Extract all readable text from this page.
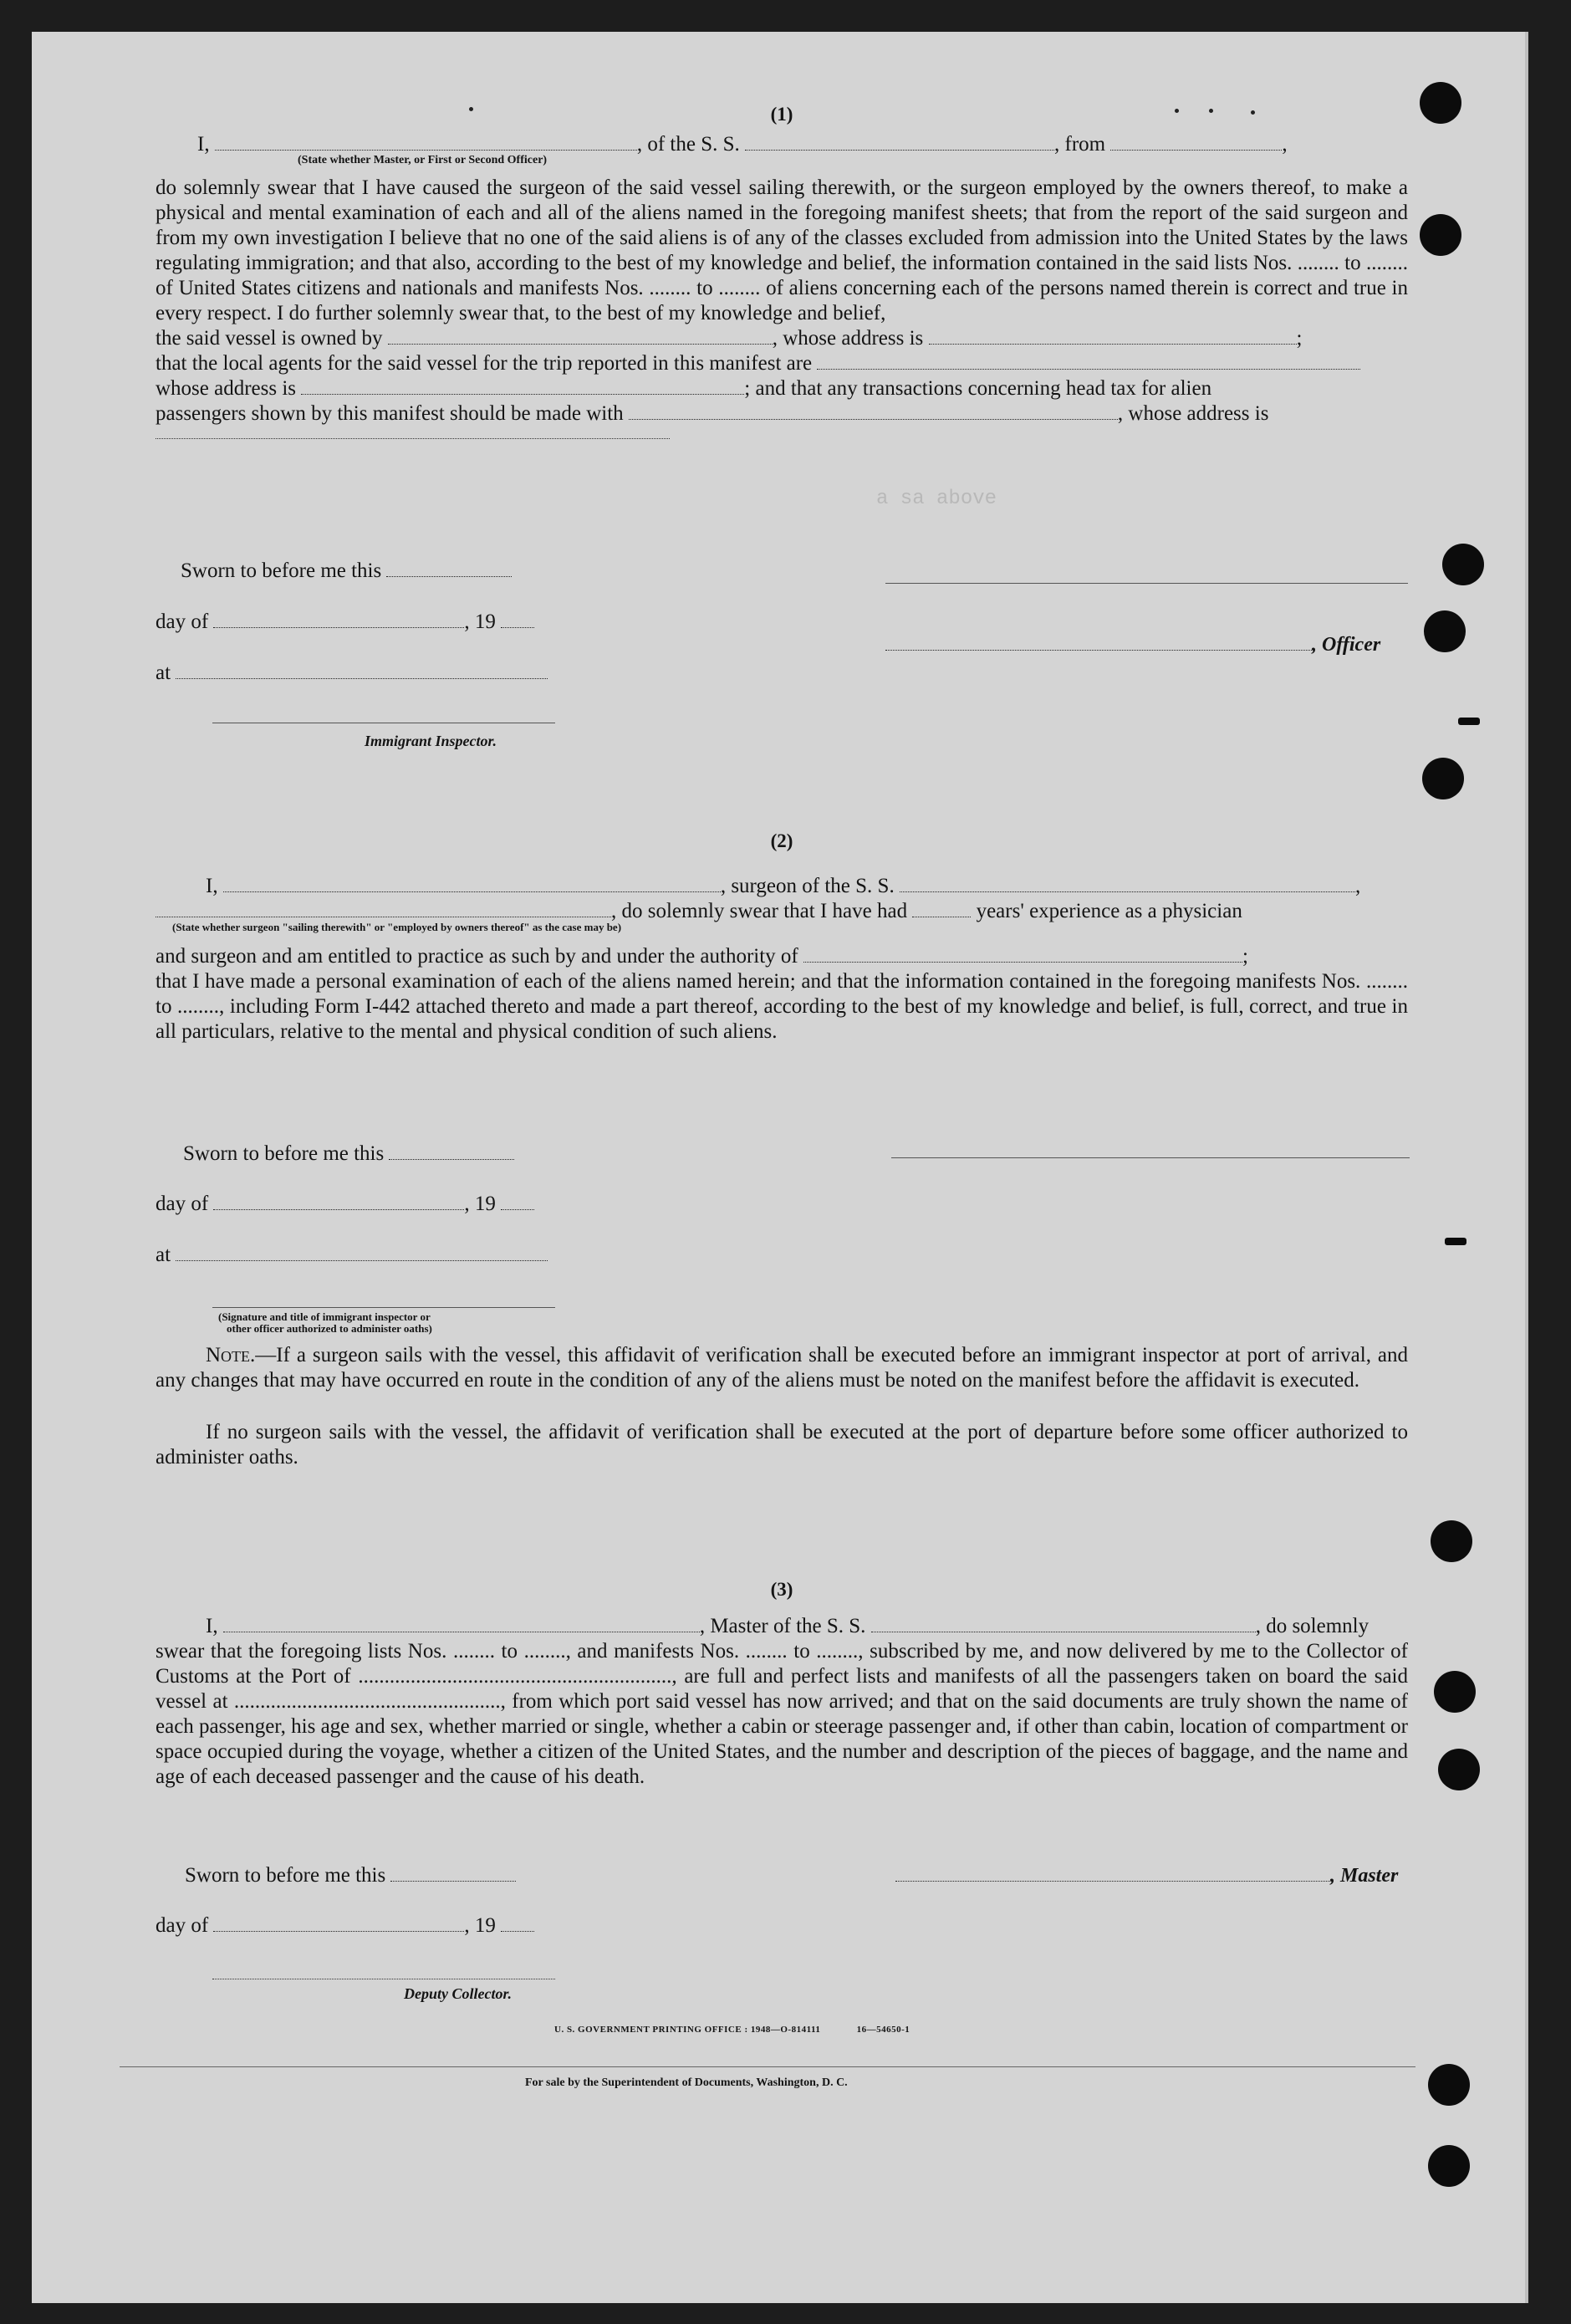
a sa above
(1)
I,	, of the S. S.	, from	,
(State whether Master, or First or Second Officer)
do solemnly swear that I have caused the surgeon of the said vessel sailing therewith, or the surgeon employed by the owners thereof, to make a physical and mental examination of each and all of the aliens named in the foregoing manifest sheets; that from the report of the said surgeon and from my own investigation I believe that no one of the said aliens is of any of the classes excluded from admission into the United States by the laws regulating immigration; and that also, according to the best of my knowledge and belief, the information contained in the said lists Nos. ........ to ........ of United States citizens and nationals and manifests Nos. ........ to ........ of aliens concerning each of the persons named therein is correct and true in every respect. I do further solemnly swear that, to the best of my knowledge and belief,
the said vessel is owned by	, whose address is	;
that the local agents for the said vessel for the trip reported in this manifest are
whose address is	; and that any transactions concerning head tax for alien
passengers shown by this manifest should be made with	, whose address is
Sworn to before me this
day of	, 19
, Officer
at
Immigrant Inspector.
(2)
I,	, surgeon of the S. S.	,
, do solemnly swear that I have had	years' experience as a physician
(State whether surgeon "sailing therewith" or "employed by owners thereof" as the case may be)
and surgeon and am entitled to practice as such by and under the authority of	;
that I have made a personal examination of each of the aliens named herein; and that the information contained in the foregoing manifests Nos. ........ to ........, including Form I-442 attached thereto and made a part thereof, according to the best of my knowledge and belief, is full, correct, and true in all particulars, relative to the mental and physical condition of such aliens.
Sworn to before me this
day of	, 19
at
(Signature and title of immigrant inspector or
other officer authorized to administer oaths)
Note.—If a surgeon sails with the vessel, this affidavit of verification shall be executed before an immigrant inspector at port of arrival, and any changes that may have occurred en route in the condition of any of the aliens must be noted on the manifest before the affidavit is executed.
If no surgeon sails with the vessel, the affidavit of verification shall be executed at the port of departure before some officer authorized to administer oaths.
(3)
I,	, Master of the S. S.	, do solemnly
swear that the foregoing lists Nos. ........ to ........, and manifests Nos. ........ to ........, subscribed by me, and now delivered by me to the Collector of Customs at the Port of ............................................................, are full and perfect lists and manifests of all the passengers taken on board the said vessel at ..................................................., from which port said vessel has now arrived; and that on the said documents are truly shown the name of each passenger, his age and sex, whether married or single, whether a cabin or steerage passenger and, if other than cabin, location of compartment or space occupied during the voyage, whether a citizen of the United States, and the number and description of the pieces of baggage, and the name and age of each deceased passenger and the cause of his death.
Sworn to before me this	, Master
day of	, 19
Deputy Collector.
U. S. GOVERNMENT PRINTING OFFICE : 1948—O-814111	16—54650-1
For sale by the Superintendent of Documents, Washington, D. C.
